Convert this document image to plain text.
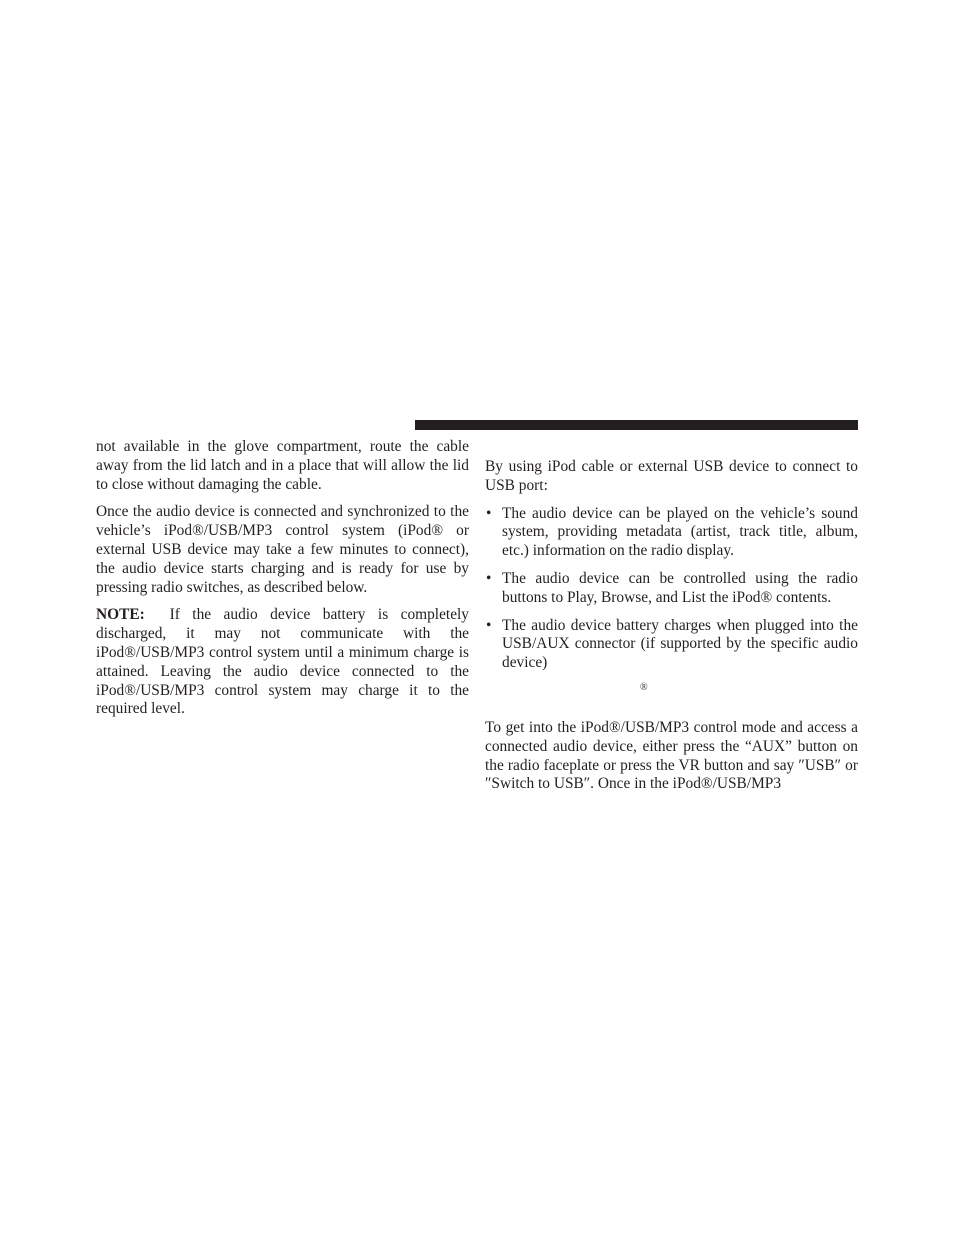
not available in the glove compartment, route the cable away from the lid latch and in a place that will allow the lid to close without damaging the cable.

Once the audio device is connected and synchronized to the vehicle’s iPod®/USB/MP3 control system (iPod® or external USB device may take a few minutes to connect), the audio device starts charging and is ready for use by pressing radio switches, as described below.

NOTE: If the audio device battery is completely discharged, it may not communicate with the iPod®/USB/MP3 control system until a minimum charge is attained. Leaving the audio device connected to the iPod®/USB/MP3 control system may charge it to the required level.

By using iPod cable or external USB device to connect to USB port:

• The audio device can be played on the vehicle’s sound system, providing metadata (artist, track title, album, etc.) information on the radio display.
• The audio device can be controlled using the radio buttons to Play, Browse, and List the iPod® contents.
• The audio device battery charges when plugged into the USB/AUX connector (if supported by the specific audio device)

To get into the iPod®/USB/MP3 control mode and access a connected audio device, either press the “AUX” button on the radio faceplate or press the VR button and say ″USB″ or ″Switch to USB″. Once in the iPod®/USB/MP3

®
